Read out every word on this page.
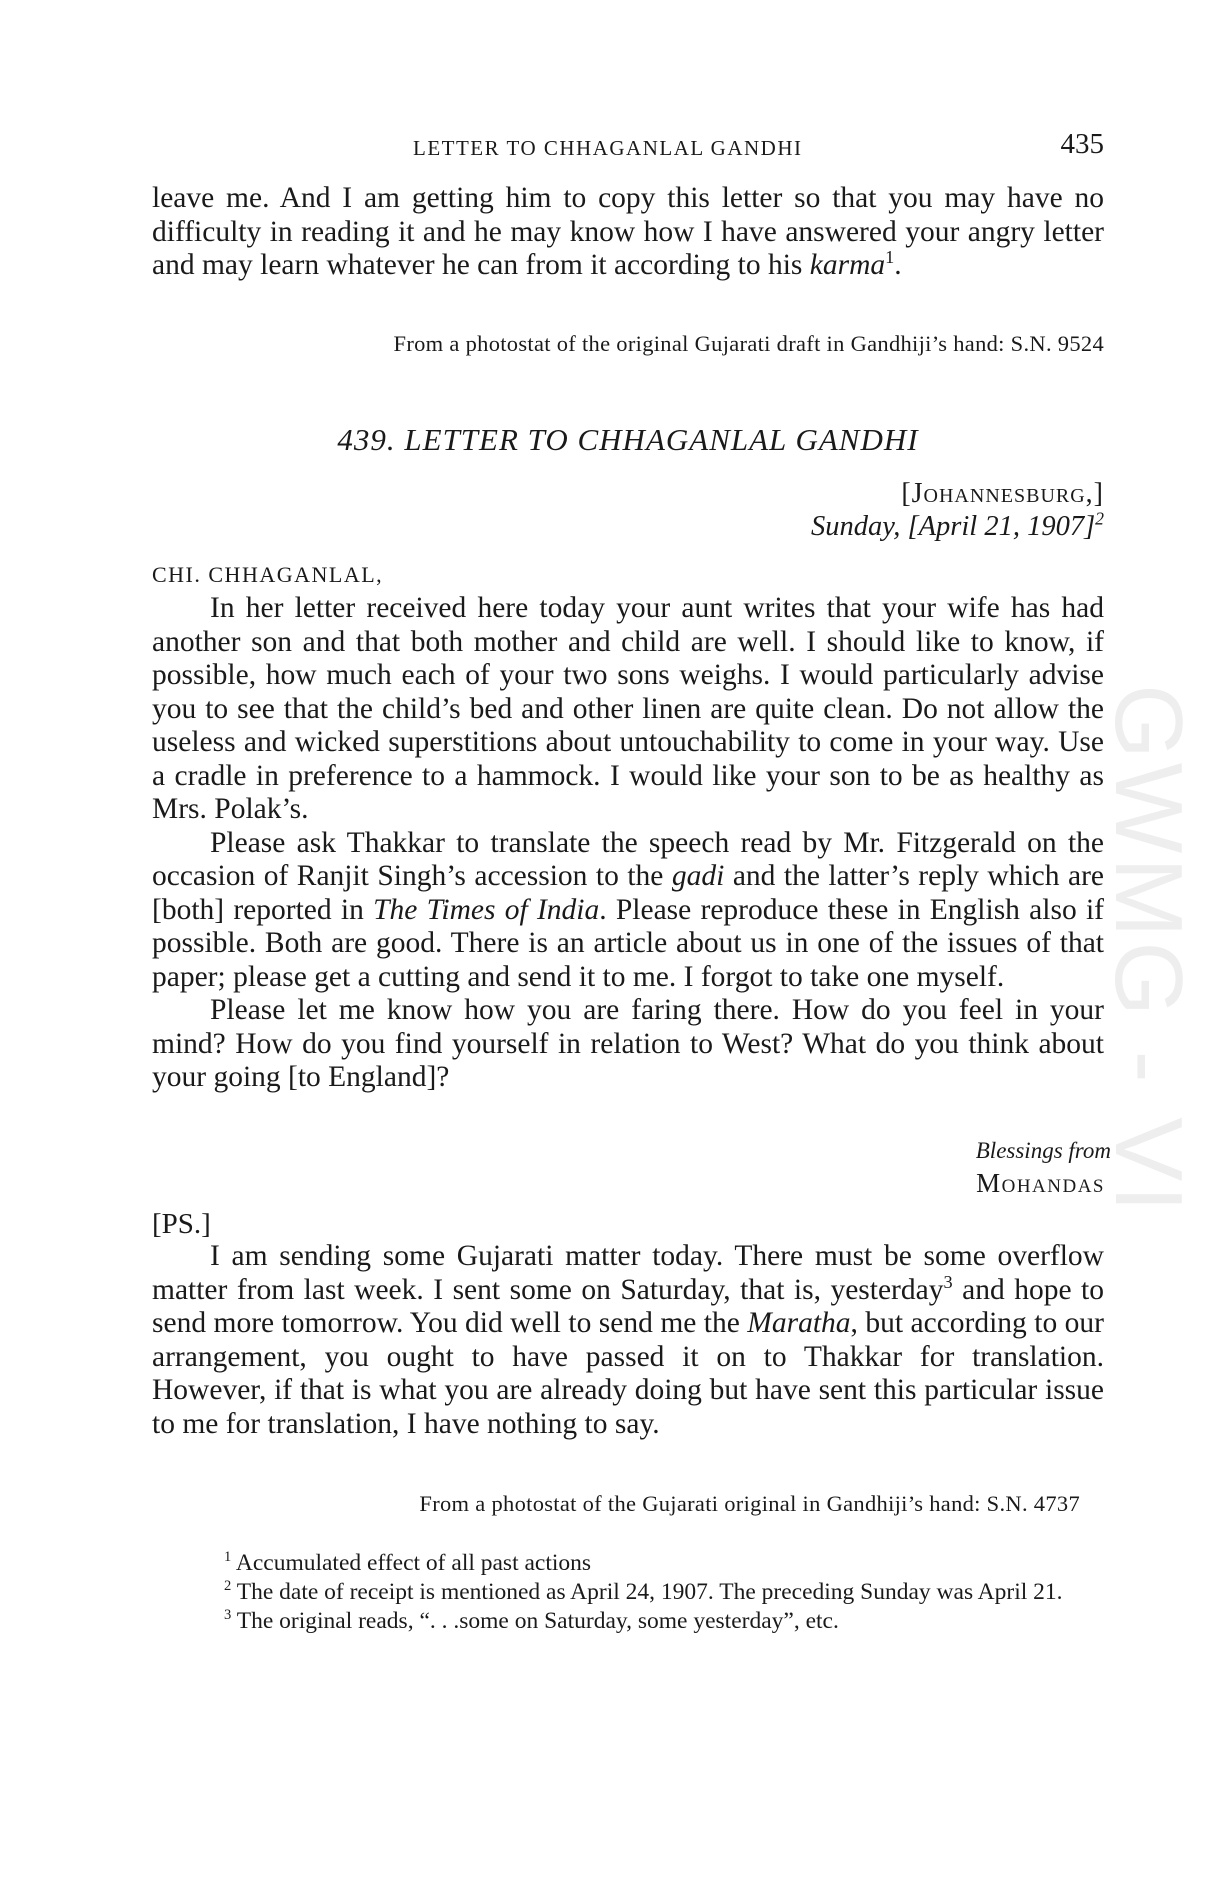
GWMG - VI
LETTER TO CHHAGANLAL GANDHI	435

leave me. And I am getting him to copy this letter so that you may have no difficulty in reading it and he may know how I have answered your angry letter and may learn whatever he can from it according to his karma$^1$.

From a photostat of the original Gujarati draft in Gandhiji’s hand: S.N. 9524
439. LETTER TO CHHAGANLAL GANDHI
[Johannesburg,]
Sunday, [April 21, 1907]$^2$
CHI. CHHAGANLAL,

In her letter received here today your aunt writes that your wife has had another son and that both mother and child are well. I should like to know, if possible, how much each of your two sons weighs. I would particularly advise you to see that the child’s bed and other linen are quite clean. Do not allow the useless and wicked superstitions about untouchability to come in your way. Use a cradle in preference to a hammock. I would like your son to be as healthy as Mrs. Polak’s.

Please ask Thakkar to translate the speech read by Mr. Fitzgerald on the occasion of Ranjit Singh’s accession to the gadi and the latter’s reply which are [both] reported in The Times of India. Please reproduce these in English also if possible. Both are good. There is an article about us in one of the issues of that paper; please get a cutting and send it to me. I forgot to take one myself.

Please let me know how you are faring there. How do you feel in your mind? How do you find yourself in relation to West? What do you think about your going [to England]?

Blessings from
Mohandas
[PS.]

I am sending some Gujarati matter today. There must be some overflow matter from last week. I sent some on Saturday, that is, yesterday$^3$ and hope to send more tomorrow. You did well to send me the Maratha, but according to our arrangement, you ought to have passed it on to Thakkar for translation. However, if that is what you are already doing but have sent this particular issue to me for translation, I have nothing to say.

From a photostat of the Gujarati original in Gandhiji’s hand: S.N. 4737

$^1$ Accumulated effect of all past actions

$^2$ The date of receipt is mentioned as April 24, 1907. The preceding Sunday was April 21.

$^3$ The original reads, “. . .some on Saturday, some yesterday”, etc.
